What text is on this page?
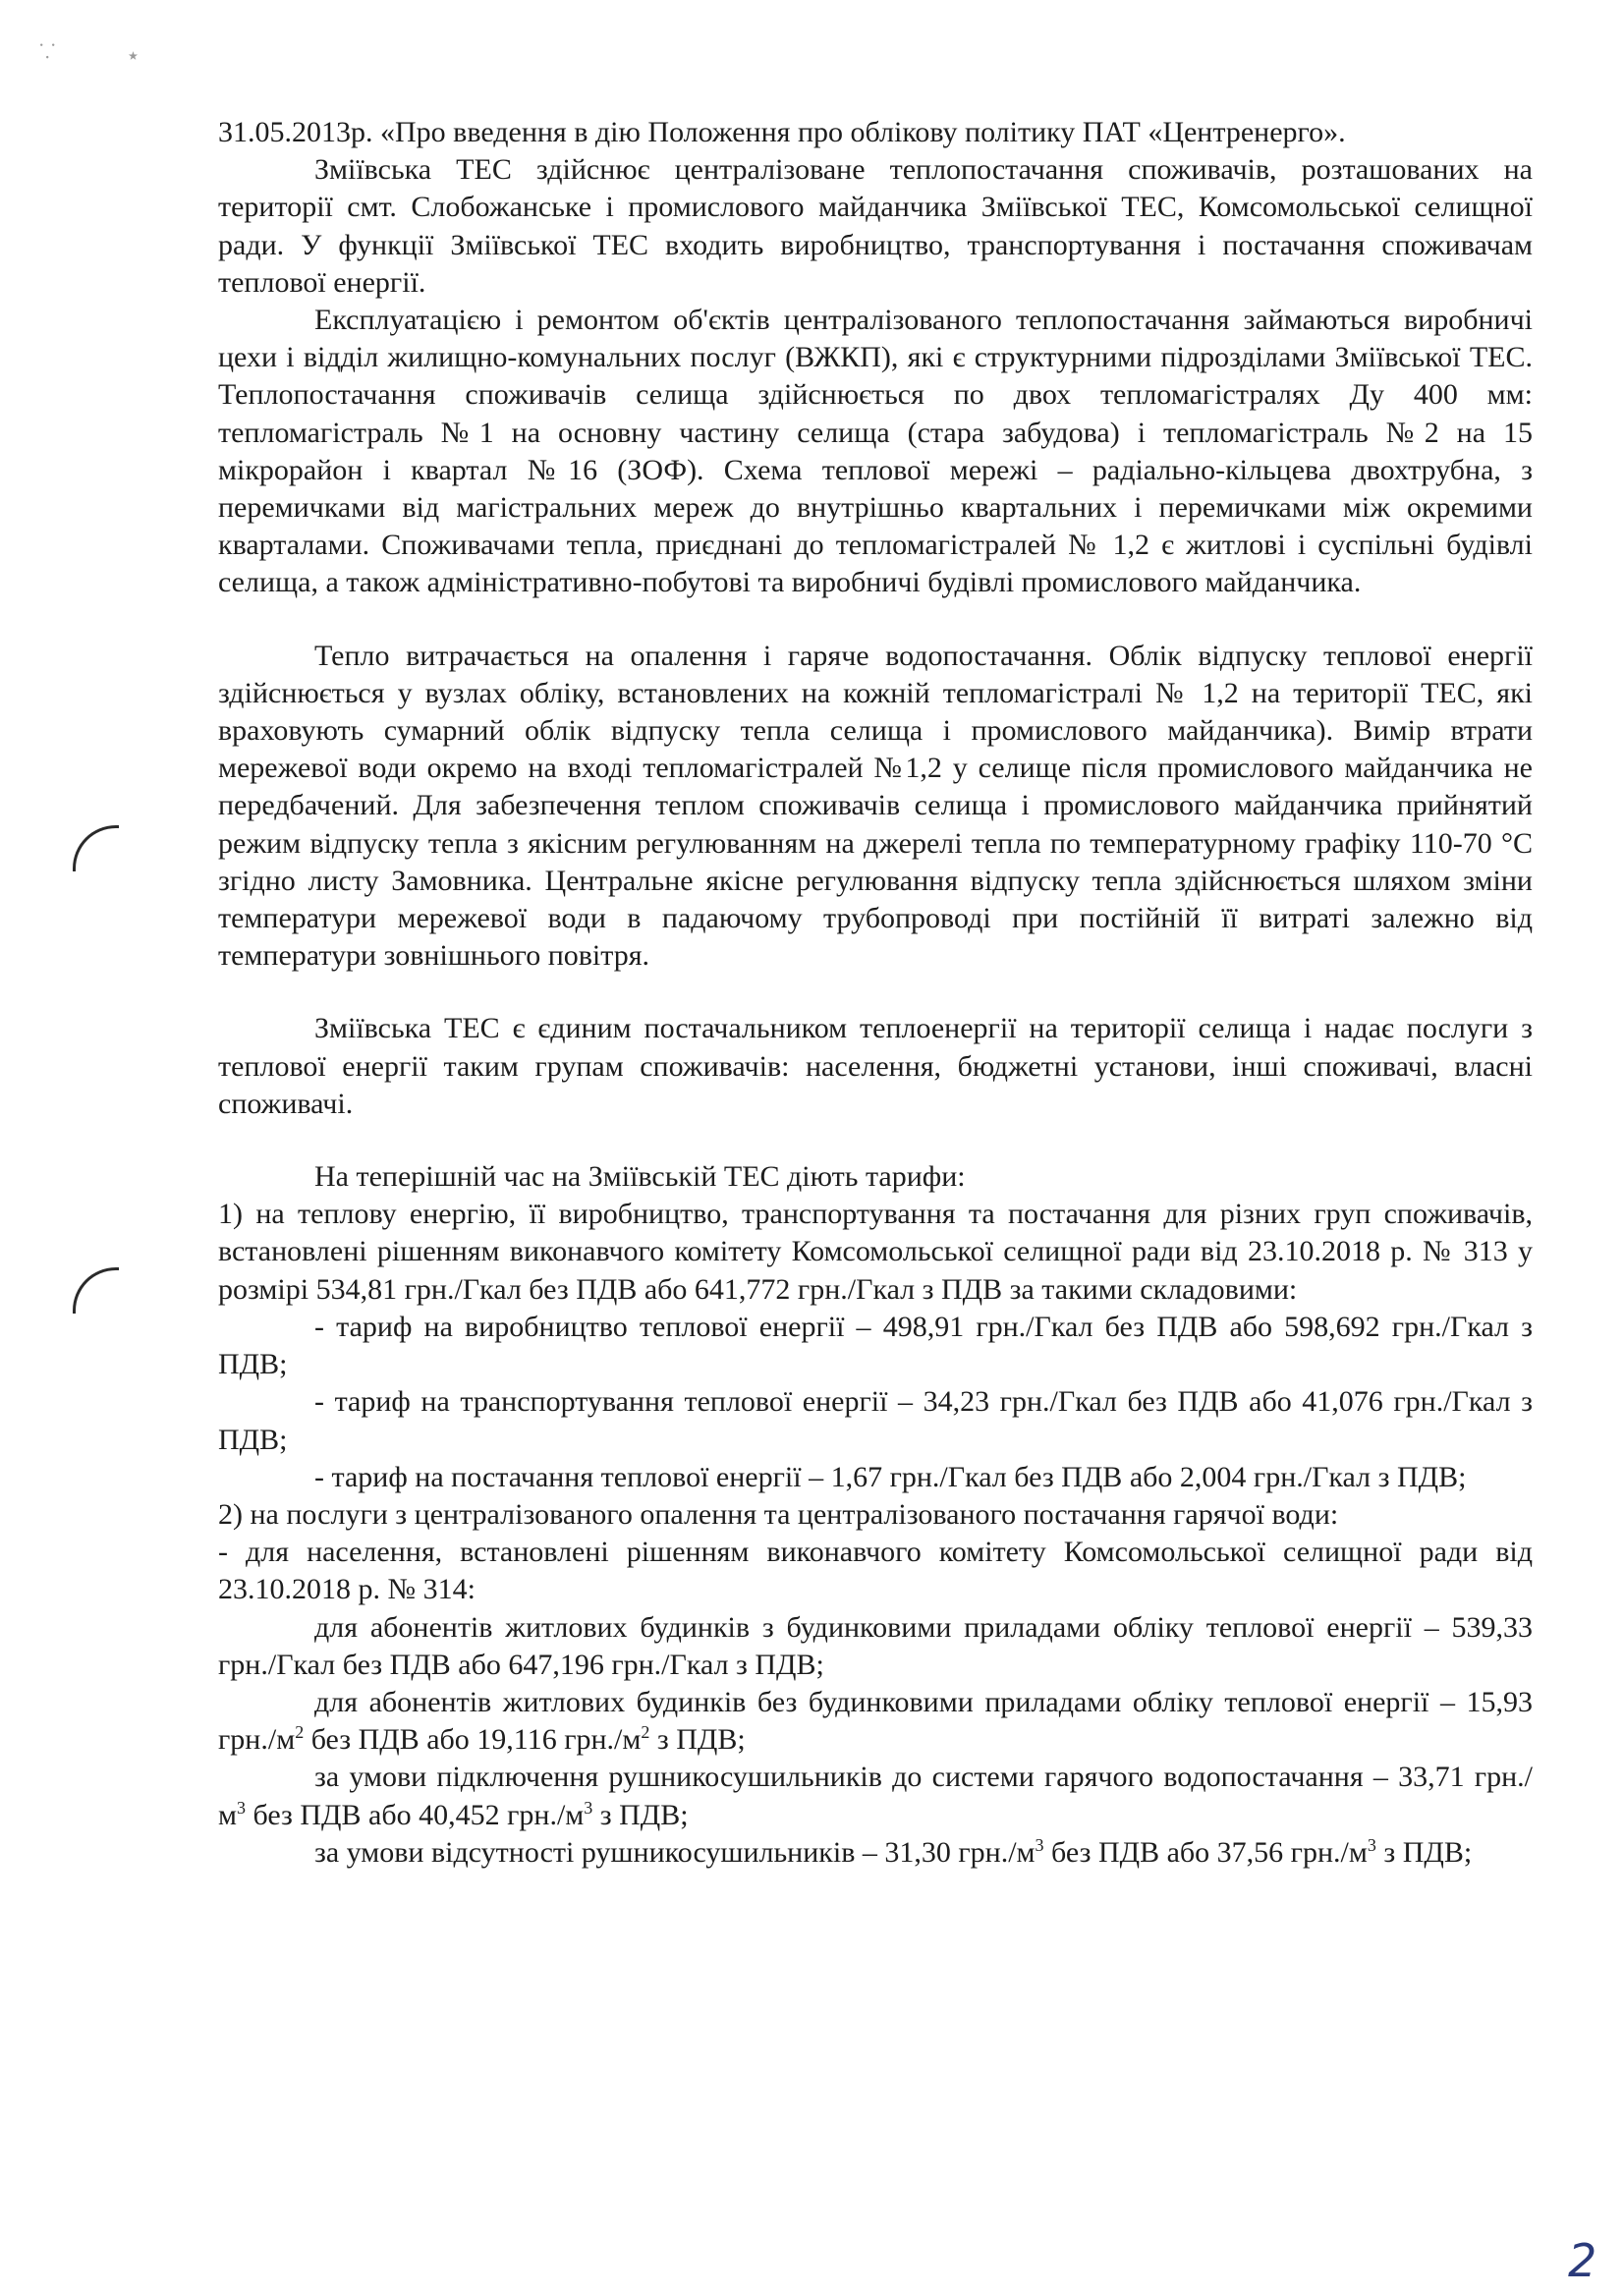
⸪	٭

31.05.2013р. «Про введення в дію Положення про облікову політику ПАТ «Центренерго».

Зміївська ТЕС здійснює централізоване теплопостачання споживачів, розташованих на території смт. Слобожанське і промислового майданчика Зміївської ТЕС, Комсомольської селищної ради. У функції Зміївської ТЕС входить виробництво, транспортування і постачання споживачам теплової енергії.

Експлуатацією і ремонтом об'єктів централізованого теплопостачання займаються виробничі цехи і відділ жилищно-комунальних послуг (ВЖКП), які є структурними підрозділами Зміївської ТЕС. Теплопостачання споживачів селища здійснюється по двох тепломагістралях Ду 400 мм: тепломагістраль №1 на основну частину селища (стара забудова) і тепломагістраль №2 на 15 мікрорайон і квартал №16 (ЗОФ). Схема теплової мережі – радіально-кільцева двохтрубна, з перемичками від магістральних мереж до внутрішньо квартальних і перемичками між окремими кварталами. Споживачами тепла, приєднані до тепломагістралей № 1,2 є житлові і суспільні будівлі селища, а також адміністративно-побутові та виробничі будівлі промислового майданчика.

Тепло витрачається на опалення і гаряче водопостачання. Облік відпуску теплової енергії здійснюється у вузлах обліку, встановлених на кожній тепломагістралі № 1,2 на території ТЕС, які враховують сумарний облік відпуску тепла селища і промислового майданчика). Вимір втрати мережевої води окремо на вході тепломагістралей №1,2 у селище після промислового майданчика не передбачений. Для забезпечення теплом споживачів селища і промислового майданчика прийнятий режим відпуску тепла з якісним регулюванням на джерелі тепла по температурному графіку 110-70 °С згідно листу Замовника. Центральне якісне регулювання відпуску тепла здійснюється шляхом зміни температури мережевої води в падаючому трубопроводі при постійній її витраті залежно від температури зовнішнього повітря.

Зміївська ТЕС є єдиним постачальником теплоенергії на території селища і надає послуги з теплової енергії таким групам споживачів: населення, бюджетні установи, інші споживачі, власні споживачі.

На теперішній час на Зміївській ТЕС діють тарифи:

1) на теплову енергію, її виробництво, транспортування та постачання для різних груп споживачів, встановлені рішенням виконавчого комітету Комсомольської селищної ради від 23.10.2018 р. № 313 у розмірі 534,81 грн./Гкал без ПДВ або 641,772 грн./Гкал з ПДВ за такими складовими:

- тариф на виробництво теплової енергії – 498,91 грн./Гкал без ПДВ або 598,692 грн./Гкал з ПДВ;

- тариф на транспортування теплової енергії – 34,23 грн./Гкал без ПДВ або 41,076 грн./Гкал з ПДВ;

- тариф на постачання теплової енергії – 1,67 грн./Гкал без ПДВ або 2,004 грн./Гкал з ПДВ;

2) на послуги з централізованого опалення та централізованого постачання гарячої води:

- для населення, встановлені рішенням виконавчого комітету Комсомольської селищної ради від 23.10.2018 р. № 314:

для абонентів житлових будинків з будинковими приладами обліку теплової енергії – 539,33 грн./Гкал без ПДВ або 647,196 грн./Гкал з ПДВ;

для абонентів житлових будинків без будинковими приладами обліку теплової енергії – 15,93 $грн./м^2$ без ПДВ або 19,116 $грн./м^2$ з ПДВ;

за умови підключення рушникосушильників до системи гарячого водопостачання – 33,71 $грн./м^3$ без ПДВ або 40,452 $грн./м^3$ з ПДВ;

за умови відсутності рушникосушильників – 31,30 $грн./м^3$ без ПДВ або 37,56 $грн./м^3$ з ПДВ;

2
